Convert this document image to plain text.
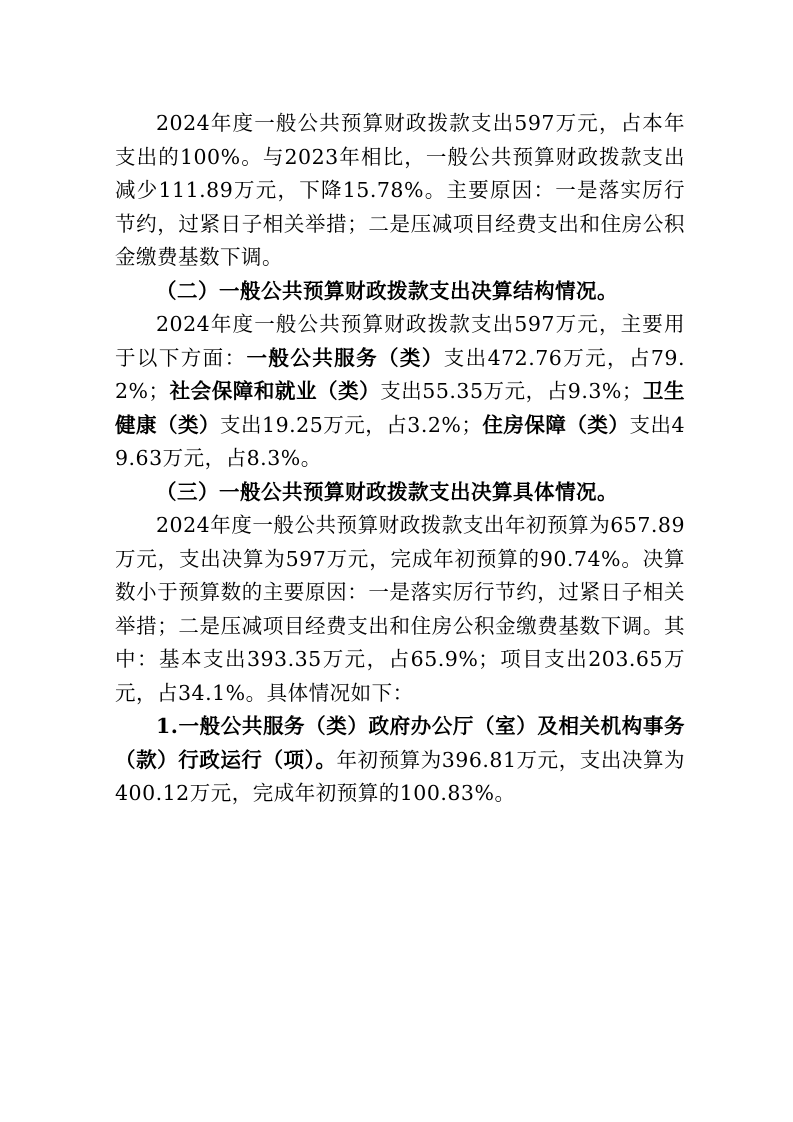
2024年度一般公共预算财政拨款支出597万元，占本年支出的100%。与2023年相比，一般公共预算财政拨款支出减少111.89万元，下降15.78%。主要原因：一是落实厉行节约，过紧日子相关举措；二是压减项目经费支出和住房公积金缴费基数下调。

（二）一般公共预算财政拨款支出决算结构情况。

2024年度一般公共预算财政拨款支出597万元，主要用于以下方面：一般公共服务（类）支出472.76万元，占79.2%；社会保障和就业（类）支出55.35万元，占9.3%；卫生健康（类）支出19.25万元，占3.2%；住房保障（类）支出49.63万元，占8.3%。

（三）一般公共预算财政拨款支出决算具体情况。

2024年度一般公共预算财政拨款支出年初预算为657.89万元，支出决算为597万元，完成年初预算的90.74%。决算数小于预算数的主要原因：一是落实厉行节约，过紧日子相关举措；二是压减项目经费支出和住房公积金缴费基数下调。其中：基本支出393.35万元，占65.9%；项目支出203.65万元，占34.1%。具体情况如下：

1.一般公共服务（类）政府办公厅（室）及相关机构事务（款）行政运行（项）。年初预算为396.81万元，支出决算为400.12万元，完成年初预算的100.83%。
